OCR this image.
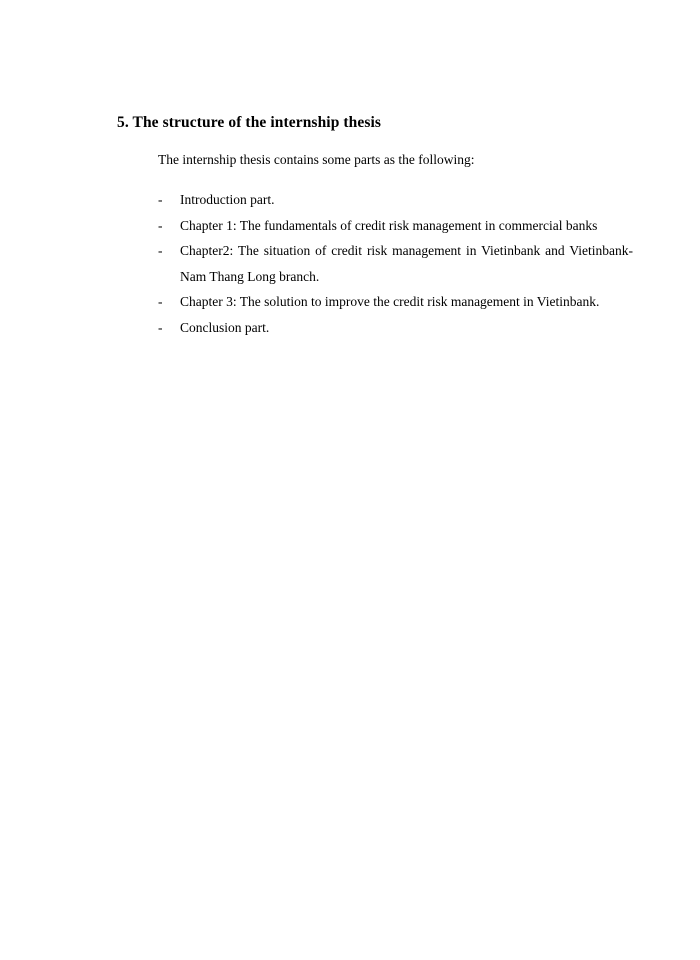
5. The structure of the internship thesis
The internship thesis contains some parts as the following:
-	Introduction part.
-	Chapter 1: The fundamentals of credit risk management in commercial banks
-	Chapter2: The situation of credit risk management in Vietinbank and Vietinbank- Nam Thang Long branch.
-	Chapter 3: The solution to improve the credit risk management in Vietinbank.
-	Conclusion part.
